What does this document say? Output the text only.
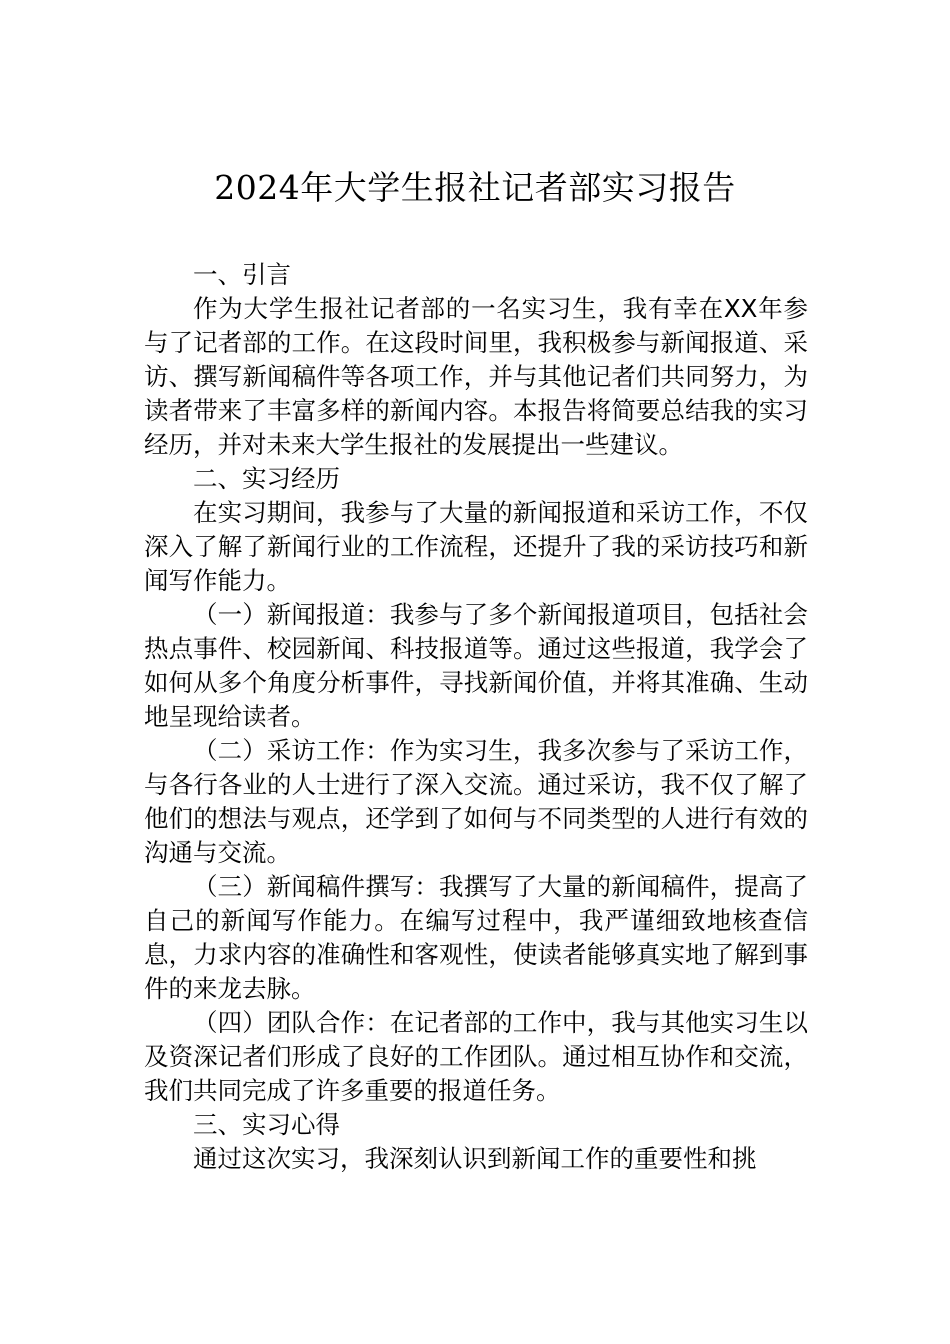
2024年大学生报社记者部实习报告

一、引言

作为大学生报社记者部的一名实习生，我有幸在XX年参与了记者部的工作。在这段时间里，我积极参与新闻报道、采访、撰写新闻稿件等各项工作，并与其他记者们共同努力，为读者带来了丰富多样的新闻内容。本报告将简要总结我的实习经历，并对未来大学生报社的发展提出一些建议。

二、实习经历

在实习期间，我参与了大量的新闻报道和采访工作，不仅深入了解了新闻行业的工作流程，还提升了我的采访技巧和新闻写作能力。

（一）新闻报道：我参与了多个新闻报道项目，包括社会热点事件、校园新闻、科技报道等。通过这些报道，我学会了如何从多个角度分析事件，寻找新闻价值，并将其准确、生动地呈现给读者。

（二）采访工作：作为实习生，我多次参与了采访工作，与各行各业的人士进行了深入交流。通过采访，我不仅了解了他们的想法与观点，还学到了如何与不同类型的人进行有效的沟通与交流。

（三）新闻稿件撰写：我撰写了大量的新闻稿件，提高了自己的新闻写作能力。在编写过程中，我严谨细致地核查信息，力求内容的准确性和客观性，使读者能够真实地了解到事件的来龙去脉。

（四）团队合作：在记者部的工作中，我与其他实习生以及资深记者们形成了良好的工作团队。通过相互协作和交流，我们共同完成了许多重要的报道任务。

三、实习心得

通过这次实习，我深刻认识到新闻工作的重要性和挑
